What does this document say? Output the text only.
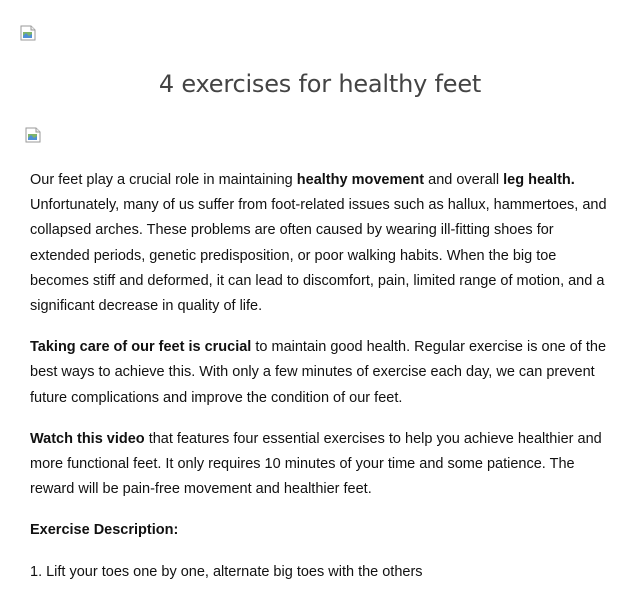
4 exercises for healthy feet

Our feet play a crucial role in maintaining healthy movement and overall leg health. Unfortunately, many of us suffer from foot-related issues such as hallux, hammertoes, and collapsed arches. These problems are often caused by wearing ill-fitting shoes for extended periods, genetic predisposition, or poor walking habits. When the big toe becomes stiff and deformed, it can lead to discomfort, pain, limited range of motion, and a significant decrease in quality of life.

Taking care of our feet is crucial to maintain good health. Regular exercise is one of the best ways to achieve this. With only a few minutes of exercise each day, we can prevent future complications and improve the condition of our feet.

Watch this video that features four essential exercises to help you achieve healthier and more functional feet. It only requires 10 minutes of your time and some patience. The reward will be pain-free movement and healthier feet.

Exercise Description:

1. Lift your toes one by one, alternate big toes with the others
